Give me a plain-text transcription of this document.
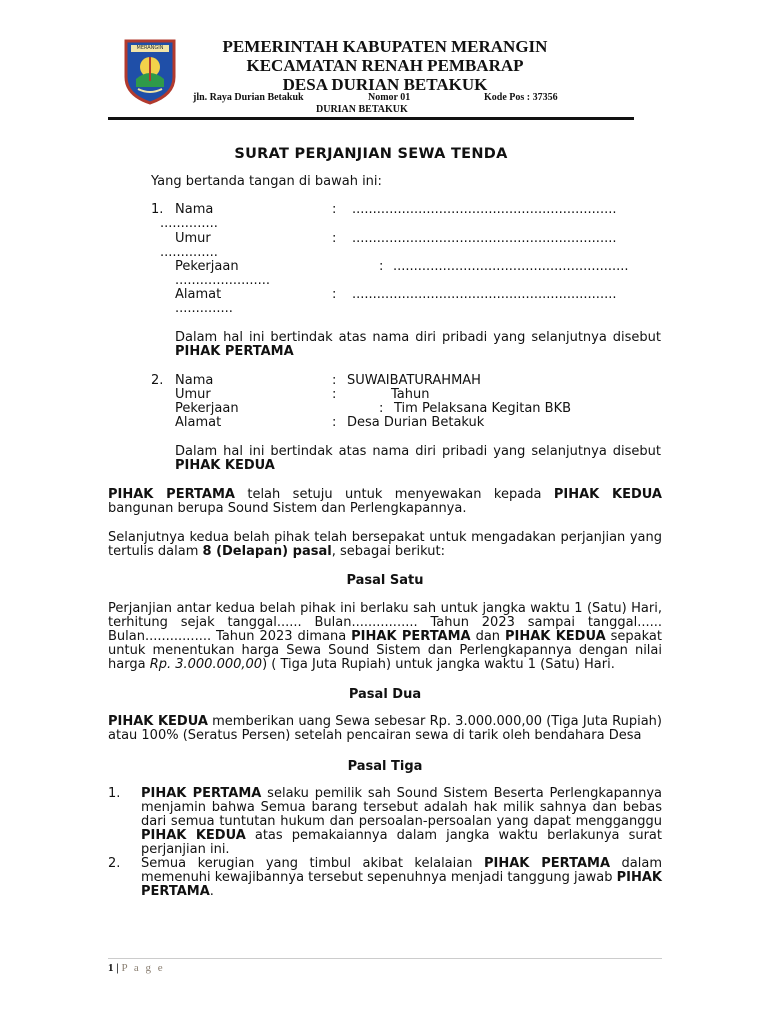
MERANGIN	PEMERINTAH KABUPATEN MERANGIN
KECAMATAN RENAH PEMBARAP
DESA DURIAN BETAKUK
jln. Raya Durian Betakuk	Nomor 01	Kode Pos : 37356
DURIAN BETAKUK
SURAT PERJANJIAN SEWA TENDA
Yang bertanda tangan di bawah ini:
1. Nama	: ................................................................
..............
Umur	: ................................................................
..............
Pekerjaan	: .........................................................
.......................
Alamat	: ................................................................
..............
Dalam hal ini bertindak atas nama diri pribadi yang selanjutnya disebut PIHAK PERTAMA
2. Nama	: SUWAIBATURAHMAH
Umur	:	Tahun
Pekerjaan	: Tim Pelaksana Kegitan BKB
Alamat	: Desa Durian Betakuk
Dalam hal ini bertindak atas nama diri pribadi yang selanjutnya disebut PIHAK KEDUA
PIHAK PERTAMA telah setuju untuk menyewakan kepada PIHAK KEDUA bangunan berupa Sound Sistem dan Perlengkapannya.
Selanjutnya kedua belah pihak telah bersepakat untuk mengadakan perjanjian yang tertulis dalam 8 (Delapan) pasal, sebagai berikut:
Pasal Satu
Perjanjian antar kedua belah pihak ini berlaku sah untuk jangka waktu 1 (Satu) Hari, terhitung sejak tanggal...... Bulan................ Tahun 2023 sampai tanggal...... Bulan................ Tahun 2023 dimana PIHAK PERTAMA dan PIHAK KEDUA sepakat untuk menentukan harga Sewa Sound Sistem dan Perlengkapannya dengan nilai harga Rp. 3.000.000,00) ( Tiga Juta Rupiah) untuk jangka waktu 1 (Satu) Hari.
Pasal Dua
PIHAK KEDUA memberikan uang Sewa sebesar Rp. 3.000.000,00 (Tiga Juta Rupiah) atau 100% (Seratus Persen) setelah pencairan sewa di tarik oleh bendahara Desa
Pasal Tiga
1. PIHAK PERTAMA selaku pemilik sah Sound Sistem Beserta Perlengkapannya menjamin bahwa Semua barang tersebut adalah hak milik sahnya dan bebas dari semua tuntutan hukum dan persoalan-persoalan yang dapat mengganggu PIHAK KEDUA atas pemakaiannya dalam jangka waktu berlakunya surat perjanjian ini.
2. Semua kerugian yang timbul akibat kelalaian PIHAK PERTAMA dalam memenuhi kewajibannya tersebut sepenuhnya menjadi tanggung jawab PIHAK PERTAMA.
1 | P a g e
